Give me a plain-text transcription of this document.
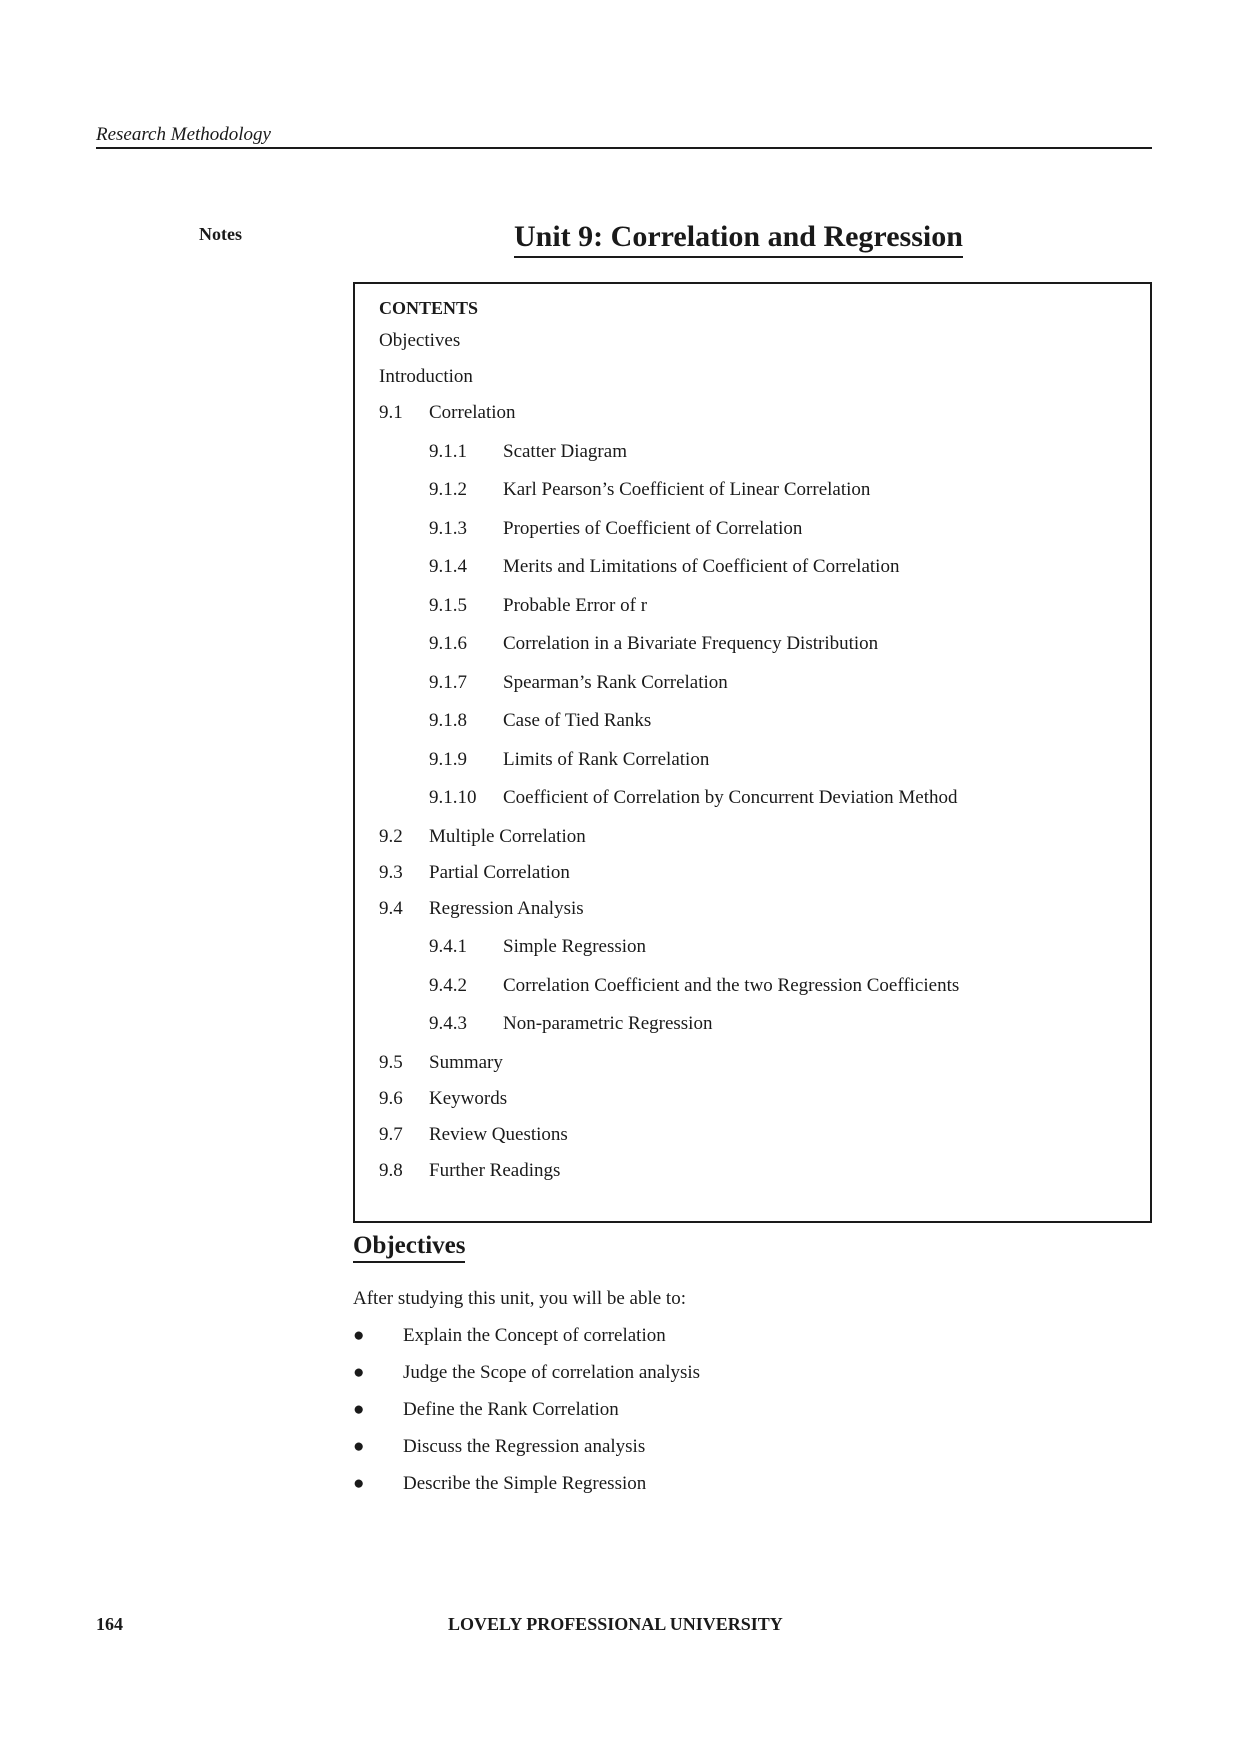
Research Methodology
Notes	Unit 9: Correlation and Regression
CONTENTS
Objectives
Introduction
9.1 Correlation
9.1.1 Scatter Diagram
9.1.2 Karl Pearson’s Coefficient of Linear Correlation
9.1.3 Properties of Coefficient of Correlation
9.1.4 Merits and Limitations of Coefficient of Correlation
9.1.5 Probable Error of r
9.1.6 Correlation in a Bivariate Frequency Distribution
9.1.7 Spearman’s Rank Correlation
9.1.8 Case of Tied Ranks
9.1.9 Limits of Rank Correlation
9.1.10 Coefficient of Correlation by Concurrent Deviation Method
9.2 Multiple Correlation
9.3 Partial Correlation
9.4 Regression Analysis
9.4.1 Simple Regression
9.4.2 Correlation Coefficient and the two Regression Coefficients
9.4.3 Non-parametric Regression
9.5 Summary
9.6 Keywords
9.7 Review Questions
9.8 Further Readings
Objectives
After studying this unit, you will be able to:
● Explain the Concept of correlation
● Judge the Scope of correlation analysis
● Define the Rank Correlation
● Discuss the Regression analysis
● Describe the Simple Regression
164	LOVELY PROFESSIONAL UNIVERSITY
